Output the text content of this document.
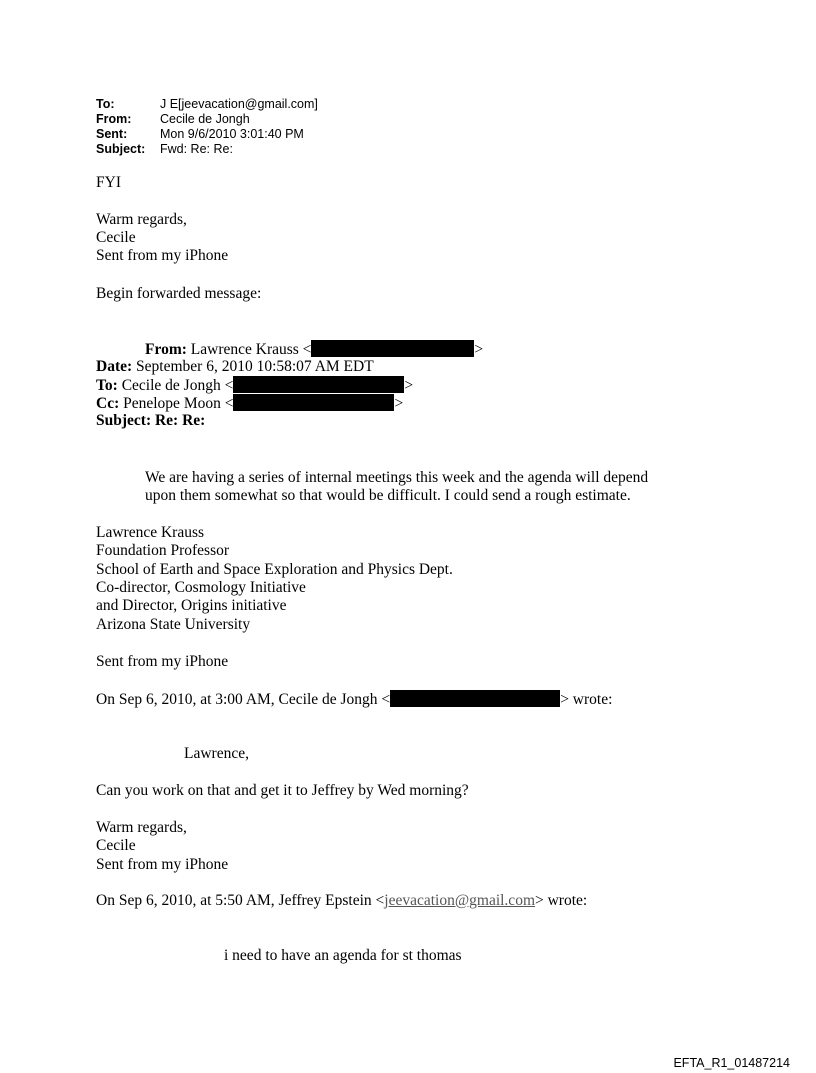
To:	J E[jeevacation@gmail.com]
From: Cecile de Jongh
Sent:	Mon 9/6/2010 3:01:40 PM
Subject: Fwd: Re: Re:
FYI
Warm regards,
Cecile
Sent from my iPhone
Begin forwarded message:
From: Lawrence Krauss <	>
Date: September 6, 2010 10:58:07 AM EDT
To: Cecile de Jongh <	>
Cc: Penelope Moon <	>
Subject: Re: Re:
We are having a series of internal meetings this week and the agenda will depend
upon them somewhat so that would be difficult. I could send a rough estimate.
Lawrence Krauss
Foundation Professor
School of Earth and Space Exploration and Physics Dept.
Co-director, Cosmology Initiative
and Director, Origins initiative
Arizona State University
Sent from my iPhone
On Sep 6, 2010, at 3:00 AM, Cecile de Jongh <	> wrote:
Lawrence,
Can you work on that and get it to Jeffrey by Wed morning?
Warm regards,
Cecile
Sent from my iPhone
On Sep 6, 2010, at 5:50 AM, Jeffrey Epstein <jeevacation@gmail.com> wrote:
i need to have an agenda for st thomas
EFTA_R1_01487214
